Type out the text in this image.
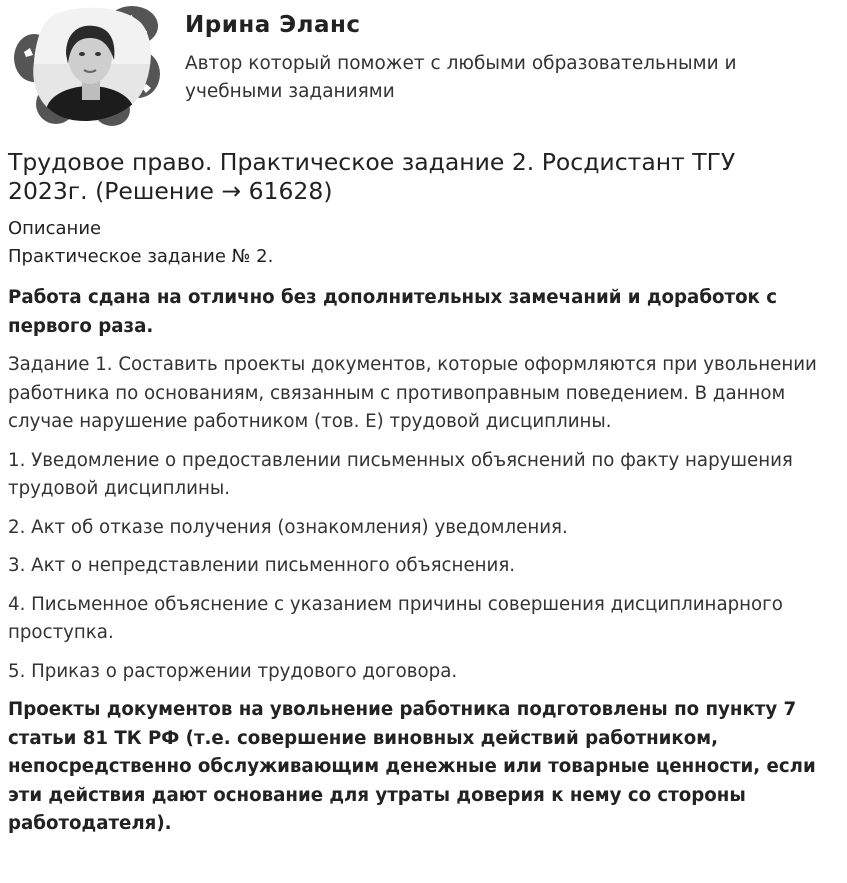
Ирина Эланс

Автор который поможет с любыми образовательными и учебными заданиями

Трудовое право. Практическое задание 2. Росдистант ТГУ 2023г. (Решение → 61628)

Описание

Практическое задание № 2.

Работа сдана на отлично без дополнительных замечаний и доработок с первого раза.

Задание 1. Составить проекты документов, которые оформляются при увольнении работника по основаниям, связанным с противоправным поведением. В данном случае нарушение работником (тов. Е) трудовой дисциплины.

1. Уведомление о предоставлении письменных объяснений по факту нарушения трудовой дисциплины.

2. Акт об отказе получения (ознакомления) уведомления.

3. Акт о непредставлении письменного объяснения.

4. Письменное объяснение с указанием причины совершения дисциплинарного проступка.

5. Приказ о расторжении трудового договора.

Проекты документов на увольнение работника подготовлены по пункту 7 статьи 81 ТК РФ (т.е. совершение виновных действий работником, непосредственно обслуживающим денежные или товарные ценности, если эти действия дают основание для утраты доверия к нему со стороны работодателя).
